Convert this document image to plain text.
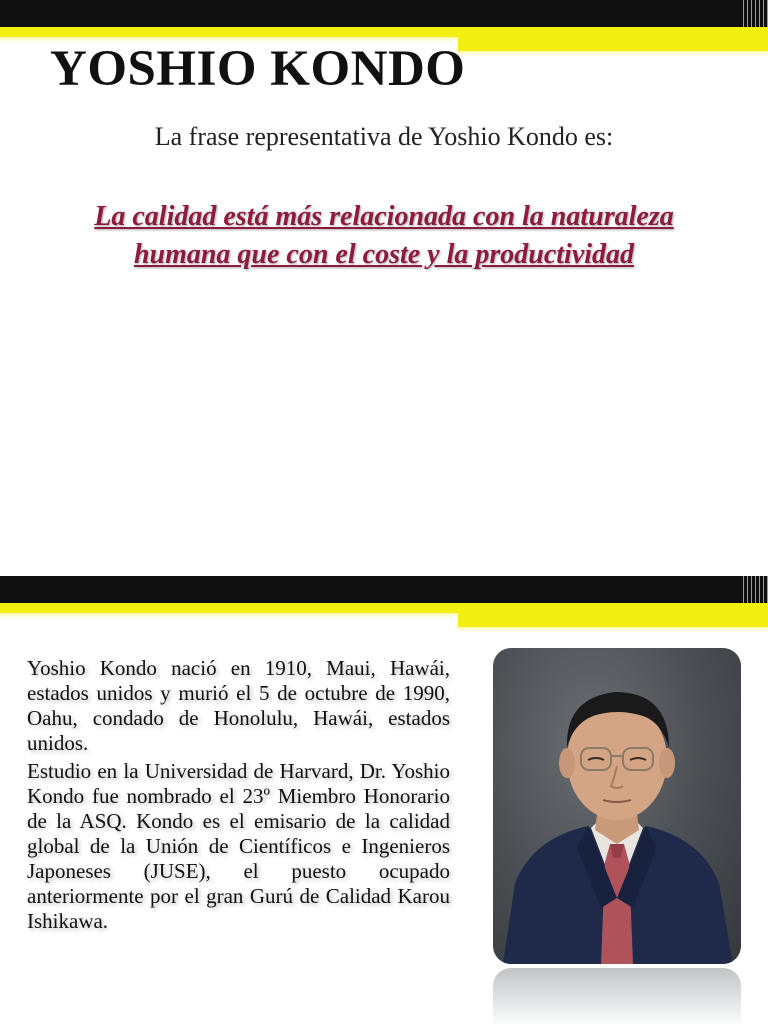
YOSHIO KONDO

La frase representativa de Yoshio Kondo es:

La calidad está más relacionada con la naturaleza humana que con el coste y la productividad

Yoshio Kondo nació en 1910, Maui, Hawái, estados unidos y murió el 5 de octubre de 1990, Oahu, condado de Honolulu, Hawái, estados unidos.

Estudio en la Universidad de Harvard, Dr. Yoshio Kondo fue nombrado el 23º Miembro Honorario de la ASQ. Kondo es el emisario de la calidad global de la Unión de Científicos e Ingenieros Japoneses (JUSE), el puesto ocupado anteriormente por el gran Gurú de Calidad Karou Ishikawa.
